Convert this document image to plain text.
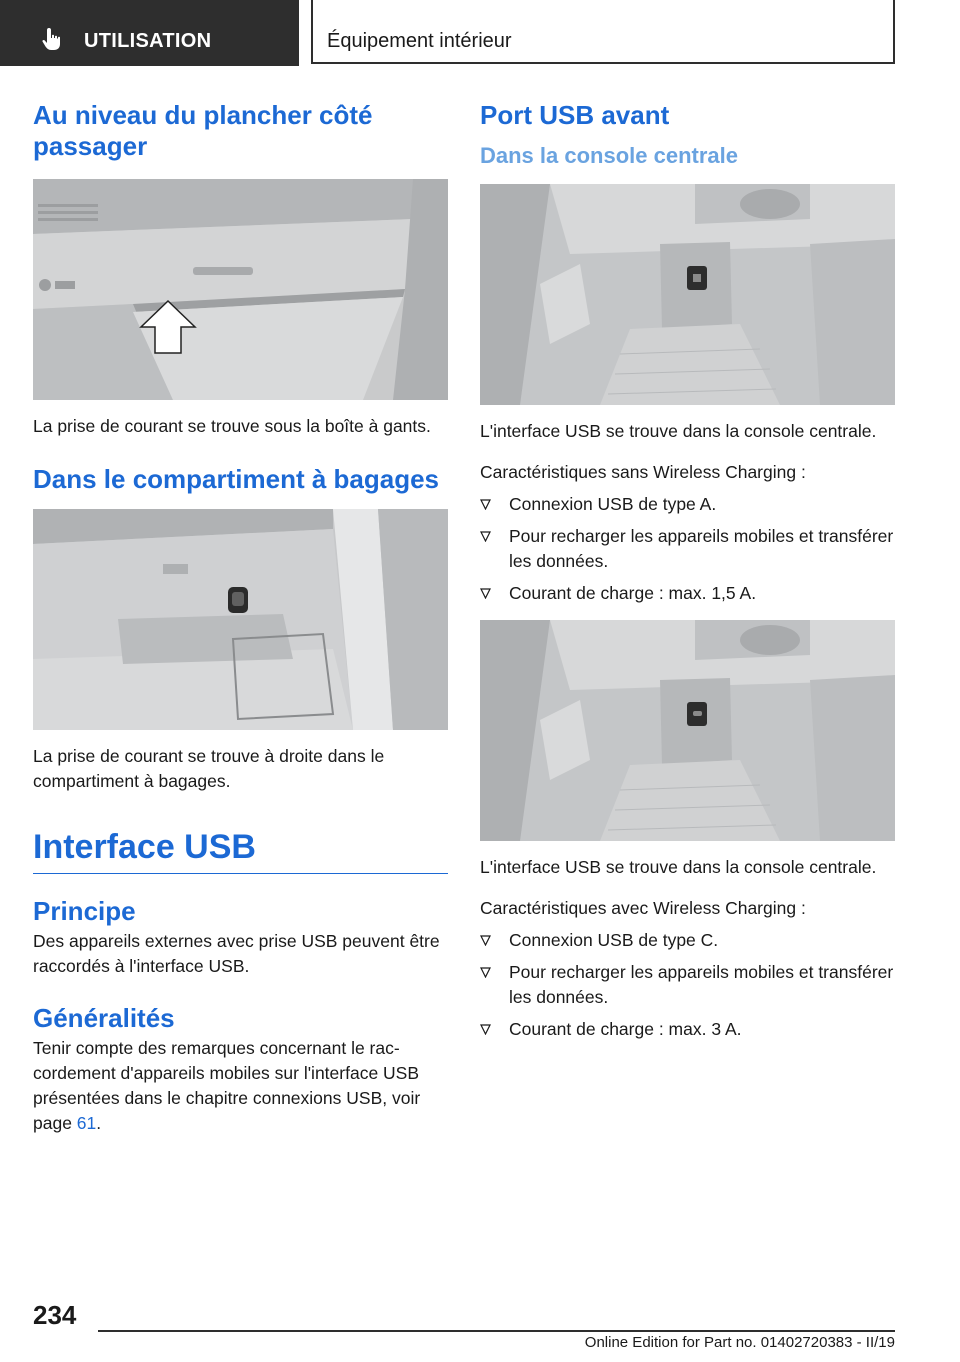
UTILISATION	Équipement intérieur
Au niveau du plancher côté passager

La prise de courant se trouve sous la boîte à gants.

Dans le compartiment à bagages

La prise de courant se trouve à droite dans le compartiment à bagages.

Interface USB
Principe

Des appareils externes avec prise USB peuvent être raccordés à l'interface USB.

Généralités

Tenir compte des remarques concernant le raccordement d'appareils mobiles sur l'interface USB présentées dans le chapitre connexions USB, voir page 61.

Port USB avant
Dans la console centrale

L'interface USB se trouve dans la console centrale.

Caractéristiques sans Wireless Charging :

Connexion USB de type A.
Pour recharger les appareils mobiles et transférer les données.
Courant de charge : max. 1,5 A.

L'interface USB se trouve dans la console centrale.

Caractéristiques avec Wireless Charging :

Connexion USB de type C.
Pour recharger les appareils mobiles et transférer les données.
Courant de charge : max. 3 A.
234
Online Edition for Part no. 01402720383 - II/19
